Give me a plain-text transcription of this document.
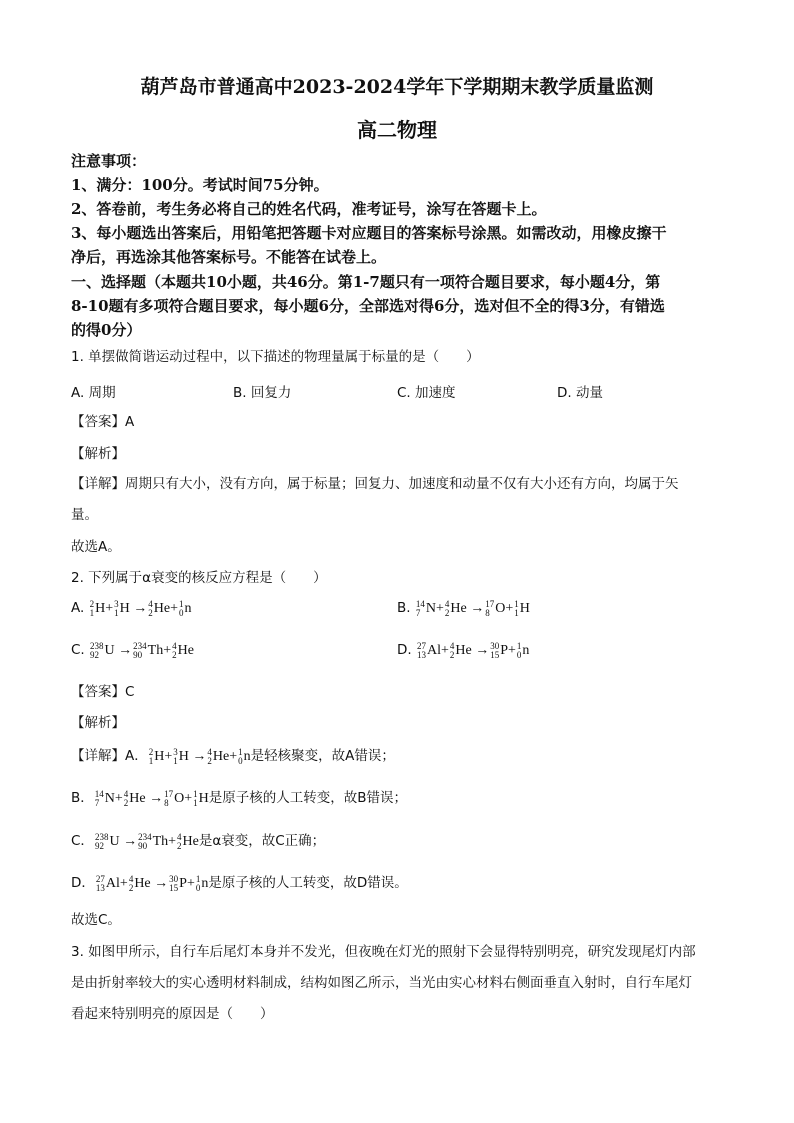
葫芦岛市普通高中2023-2024学年下学期期末教学质量监测
高二物理
注意事项：
1、满分：100分。考试时间75分钟。
2、答卷前，考生务必将自己的姓名代码，准考证号，涂写在答题卡上。
3、每小题选出答案后，用铅笔把答题卡对应题目的答案标号涂黑。如需改动，用橡皮擦干
净后，再选涂其他答案标号。不能答在试卷上。
一、选择题（本题共10小题，共46分。第1-7题只有一项符合题目要求，每小题4分，第
8-10题有多项符合题目要求，每小题6分，全部选对得6分，选对但不全的得3分，有错选
的得0分）
1. 单摆做简谐运动过程中，以下描述的物理量属于标量的是（　　）
A. 周期	B. 回复力	C. 加速度	D. 动量
【答案】A
【解析】
【详解】周期只有大小，没有方向，属于标量；回复力、加速度和动量不仅有大小还有方向，均属于矢
量。
故选A。
2. 下列属于α衰变的核反应方程是（　　）
A. 2
1 H+ 3
1 H → 4
2 He+ 1
0 n	B. 14
7 N+ 4
2 He → 17
8 O+ 1
1 H
C. 238
92 U → 234
90 Th+ 4
2 He	D. 27
13 Al+ 4
2 He → 30
15 P+ 1
0 n
【答案】C
【解析】
【详解】A． 2
1 H+ 3
1 H → 4
2 He+ 1
0 n是轻核聚变，故A错误；
B． 14
7 N+ 4
2 He → 17
8 O+ 1
1 H是原子核的人工转变，故B错误；
C． 238
92 U → 234
90 Th+ 4
2 He是α衰变，故C正确；
D． 27
13 Al+ 4
2 He → 30
15 P+ 1
0 n是原子核的人工转变，故D错误。
故选C。
3. 如图甲所示，自行车后尾灯本身并不发光，但夜晚在灯光的照射下会显得特别明亮，研究发现尾灯内部
是由折射率较大的实心透明材料制成，结构如图乙所示，当光由实心材料右侧面垂直入射时，自行车尾灯
看起来特别明亮的原因是（　　）
